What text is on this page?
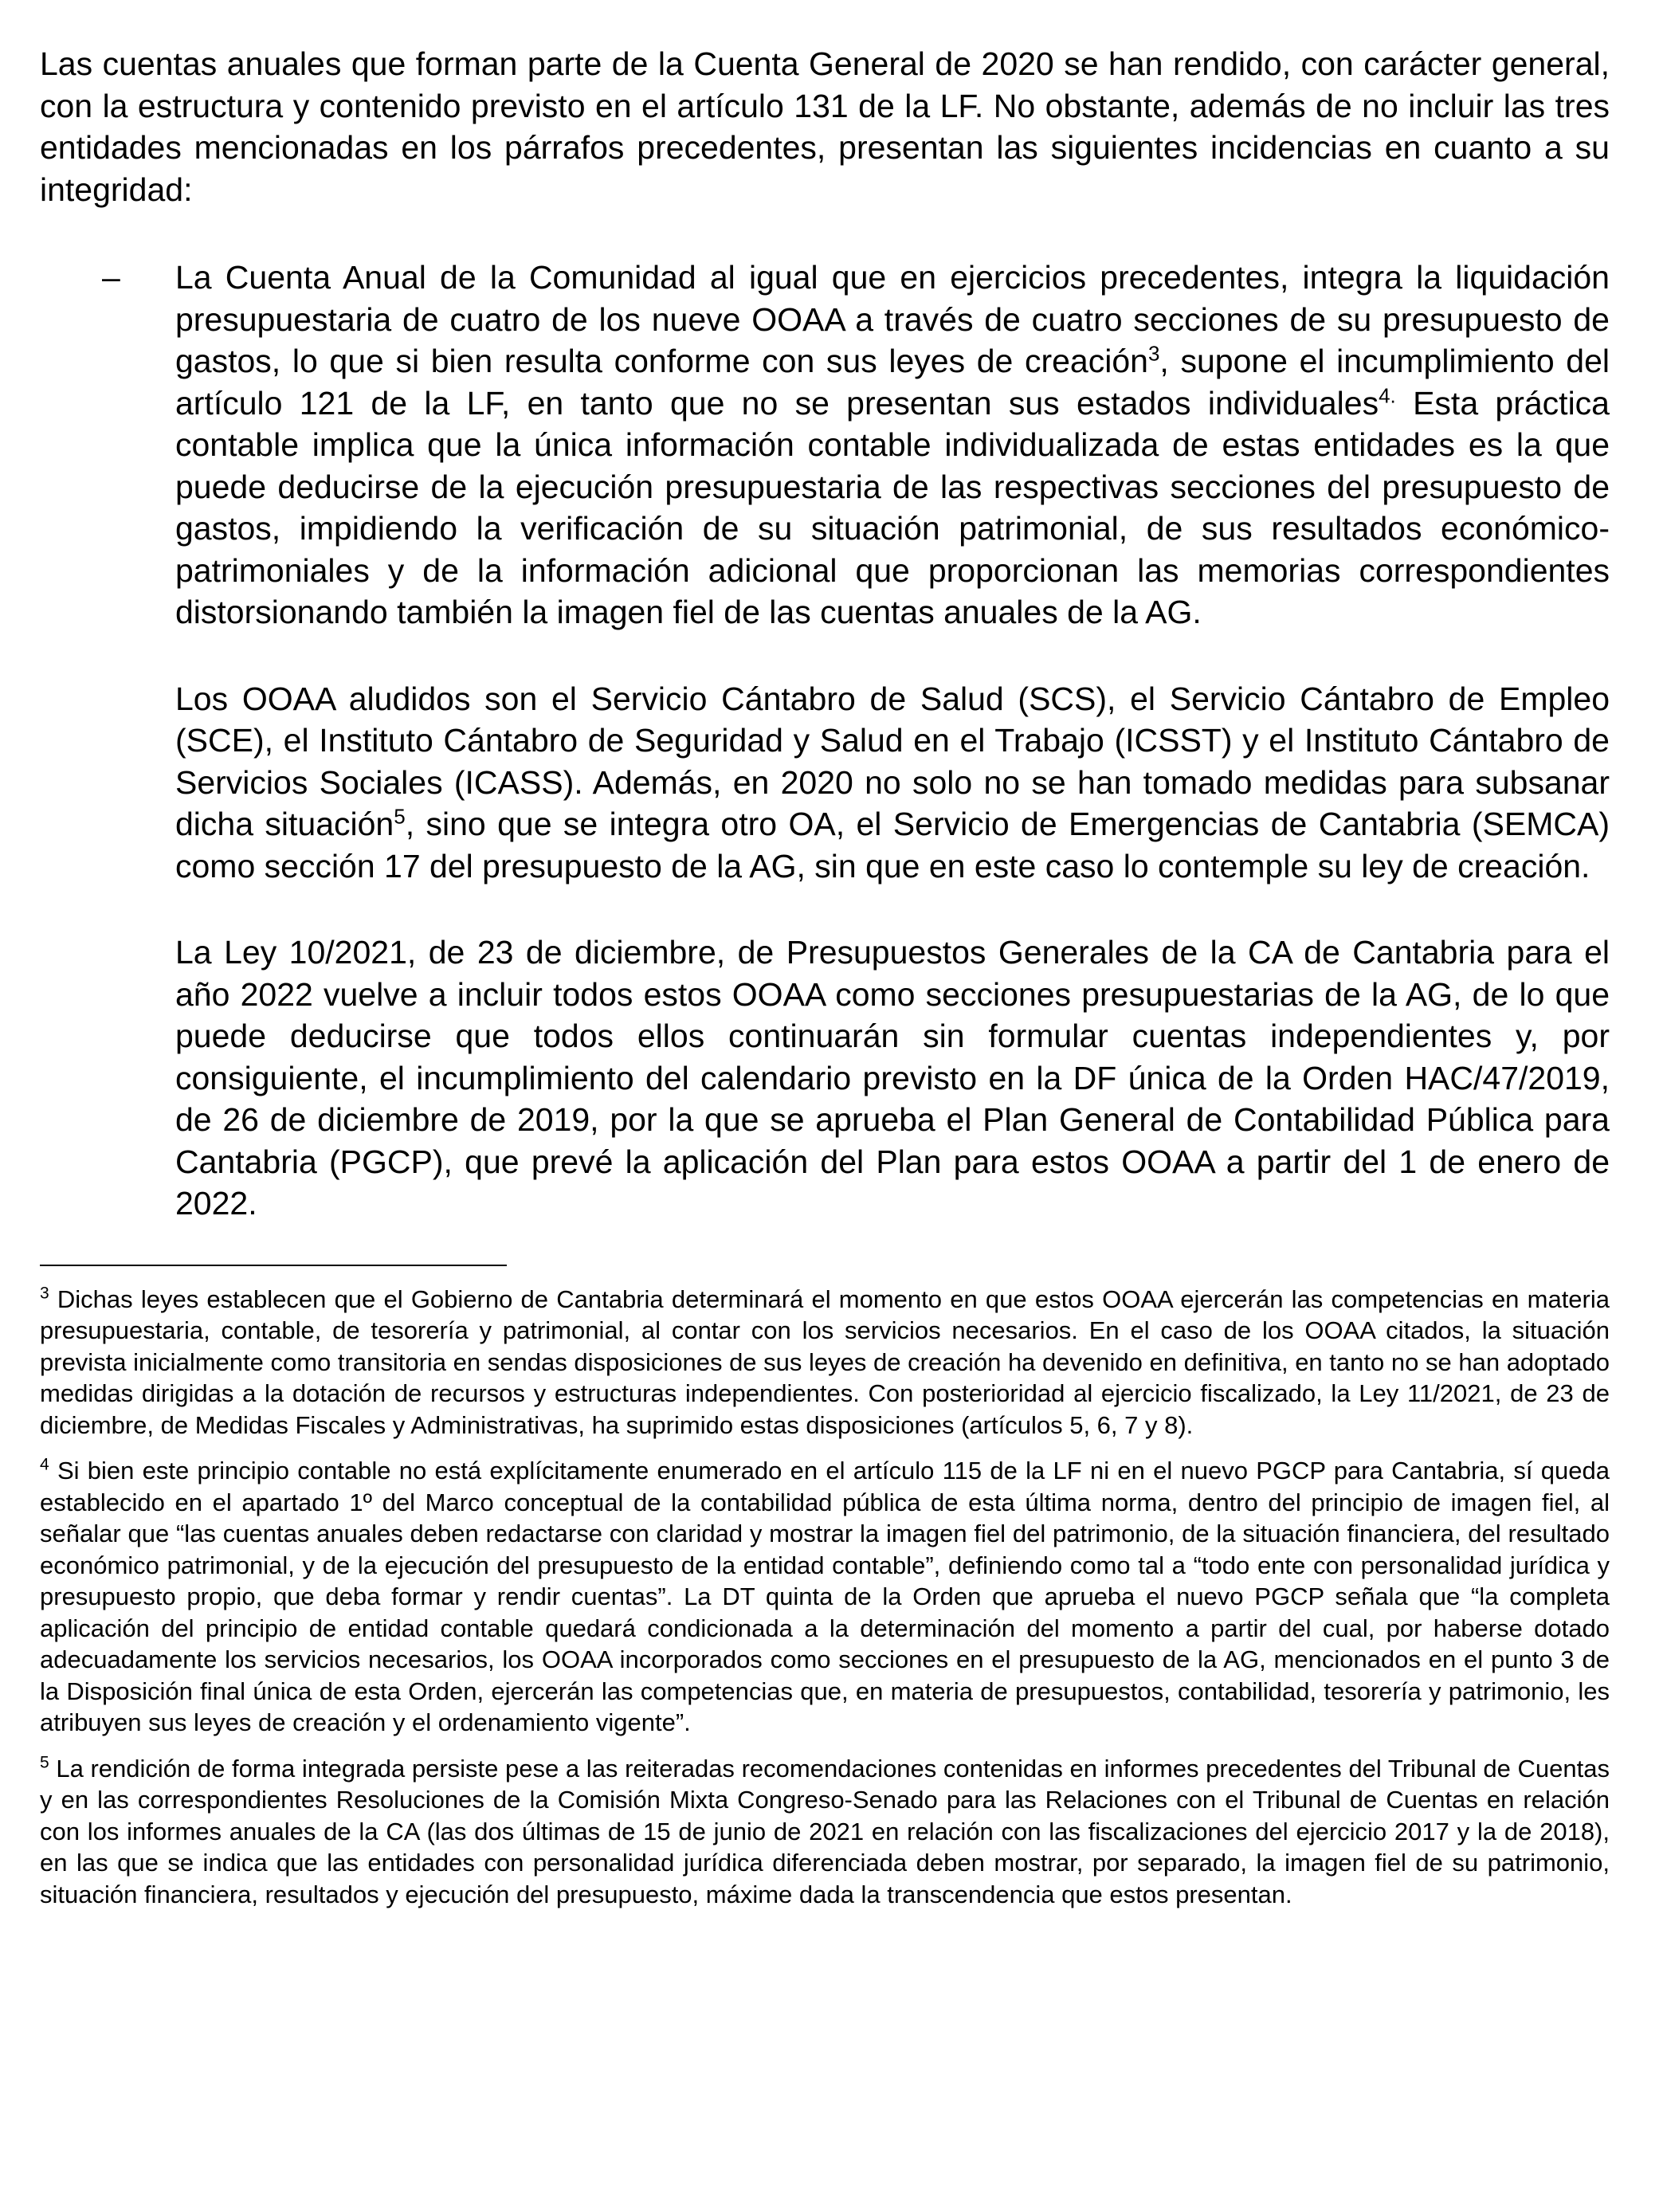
Las cuentas anuales que forman parte de la Cuenta General de 2020 se han rendido, con carácter general, con la estructura y contenido previsto en el artículo 131 de la LF. No obstante, además de no incluir las tres entidades mencionadas en los párrafos precedentes, presentan las siguientes incidencias en cuanto a su integridad:

– La Cuenta Anual de la Comunidad al igual que en ejercicios precedentes, integra la liquidación presupuestaria de cuatro de los nueve OOAA a través de cuatro secciones de su presupuesto de gastos, lo que si bien resulta conforme con sus leyes de creación$^3$, supone el incumplimiento del artículo 121 de la LF, en tanto que no se presentan sus estados individuales$^{4.}$ Esta práctica contable implica que la única información contable individualizada de estas entidades es la que puede deducirse de la ejecución presupuestaria de las respectivas secciones del presupuesto de gastos, impidiendo la verificación de su situación patrimonial, de sus resultados económico-patrimoniales y de la información adicional que proporcionan las memorias correspondientes distorsionando también la imagen fiel de las cuentas anuales de la AG.

Los OOAA aludidos son el Servicio Cántabro de Salud (SCS), el Servicio Cántabro de Empleo (SCE), el Instituto Cántabro de Seguridad y Salud en el Trabajo (ICSST) y el Instituto Cántabro de Servicios Sociales (ICASS). Además, en 2020 no solo no se han tomado medidas para subsanar dicha situación$^5$, sino que se integra otro OA, el Servicio de Emergencias de Cantabria (SEMCA) como sección 17 del presupuesto de la AG, sin que en este caso lo contemple su ley de creación.

La Ley 10/2021, de 23 de diciembre, de Presupuestos Generales de la CA de Cantabria para el año 2022 vuelve a incluir todos estos OOAA como secciones presupuestarias de la AG, de lo que puede deducirse que todos ellos continuarán sin formular cuentas independientes y, por consiguiente, el incumplimiento del calendario previsto en la DF única de la Orden HAC/47/2019, de 26 de diciembre de 2019, por la que se aprueba el Plan General de Contabilidad Pública para Cantabria (PGCP), que prevé la aplicación del Plan para estos OOAA a partir del 1 de enero de 2022.

$^3$ Dichas leyes establecen que el Gobierno de Cantabria determinará el momento en que estos OOAA ejercerán las competencias en materia presupuestaria, contable, de tesorería y patrimonial, al contar con los servicios necesarios. En el caso de los OOAA citados, la situación prevista inicialmente como transitoria en sendas disposiciones de sus leyes de creación ha devenido en definitiva, en tanto no se han adoptado medidas dirigidas a la dotación de recursos y estructuras independientes. Con posterioridad al ejercicio fiscalizado, la Ley 11/2021, de 23 de diciembre, de Medidas Fiscales y Administrativas, ha suprimido estas disposiciones (artículos 5, 6, 7 y 8).

$^4$ Si bien este principio contable no está explícitamente enumerado en el artículo 115 de la LF ni en el nuevo PGCP para Cantabria, sí queda establecido en el apartado 1º del Marco conceptual de la contabilidad pública de esta última norma, dentro del principio de imagen fiel, al señalar que “las cuentas anuales deben redactarse con claridad y mostrar la imagen fiel del patrimonio, de la situación financiera, del resultado económico patrimonial, y de la ejecución del presupuesto de la entidad contable”, definiendo como tal a “todo ente con personalidad jurídica y presupuesto propio, que deba formar y rendir cuentas”. La DT quinta de la Orden que aprueba el nuevo PGCP señala que “la completa aplicación del principio de entidad contable quedará condicionada a la determinación del momento a partir del cual, por haberse dotado adecuadamente los servicios necesarios, los OOAA incorporados como secciones en el presupuesto de la AG, mencionados en el punto 3 de la Disposición final única de esta Orden, ejercerán las competencias que, en materia de presupuestos, contabilidad, tesorería y patrimonio, les atribuyen sus leyes de creación y el ordenamiento vigente”.

$^5$ La rendición de forma integrada persiste pese a las reiteradas recomendaciones contenidas en informes precedentes del Tribunal de Cuentas y en las correspondientes Resoluciones de la Comisión Mixta Congreso-Senado para las Relaciones con el Tribunal de Cuentas en relación con los informes anuales de la CA (las dos últimas de 15 de junio de 2021 en relación con las fiscalizaciones del ejercicio 2017 y la de 2018), en las que se indica que las entidades con personalidad jurídica diferenciada deben mostrar, por separado, la imagen fiel de su patrimonio, situación financiera, resultados y ejecución del presupuesto, máxime dada la transcendencia que estos presentan.
